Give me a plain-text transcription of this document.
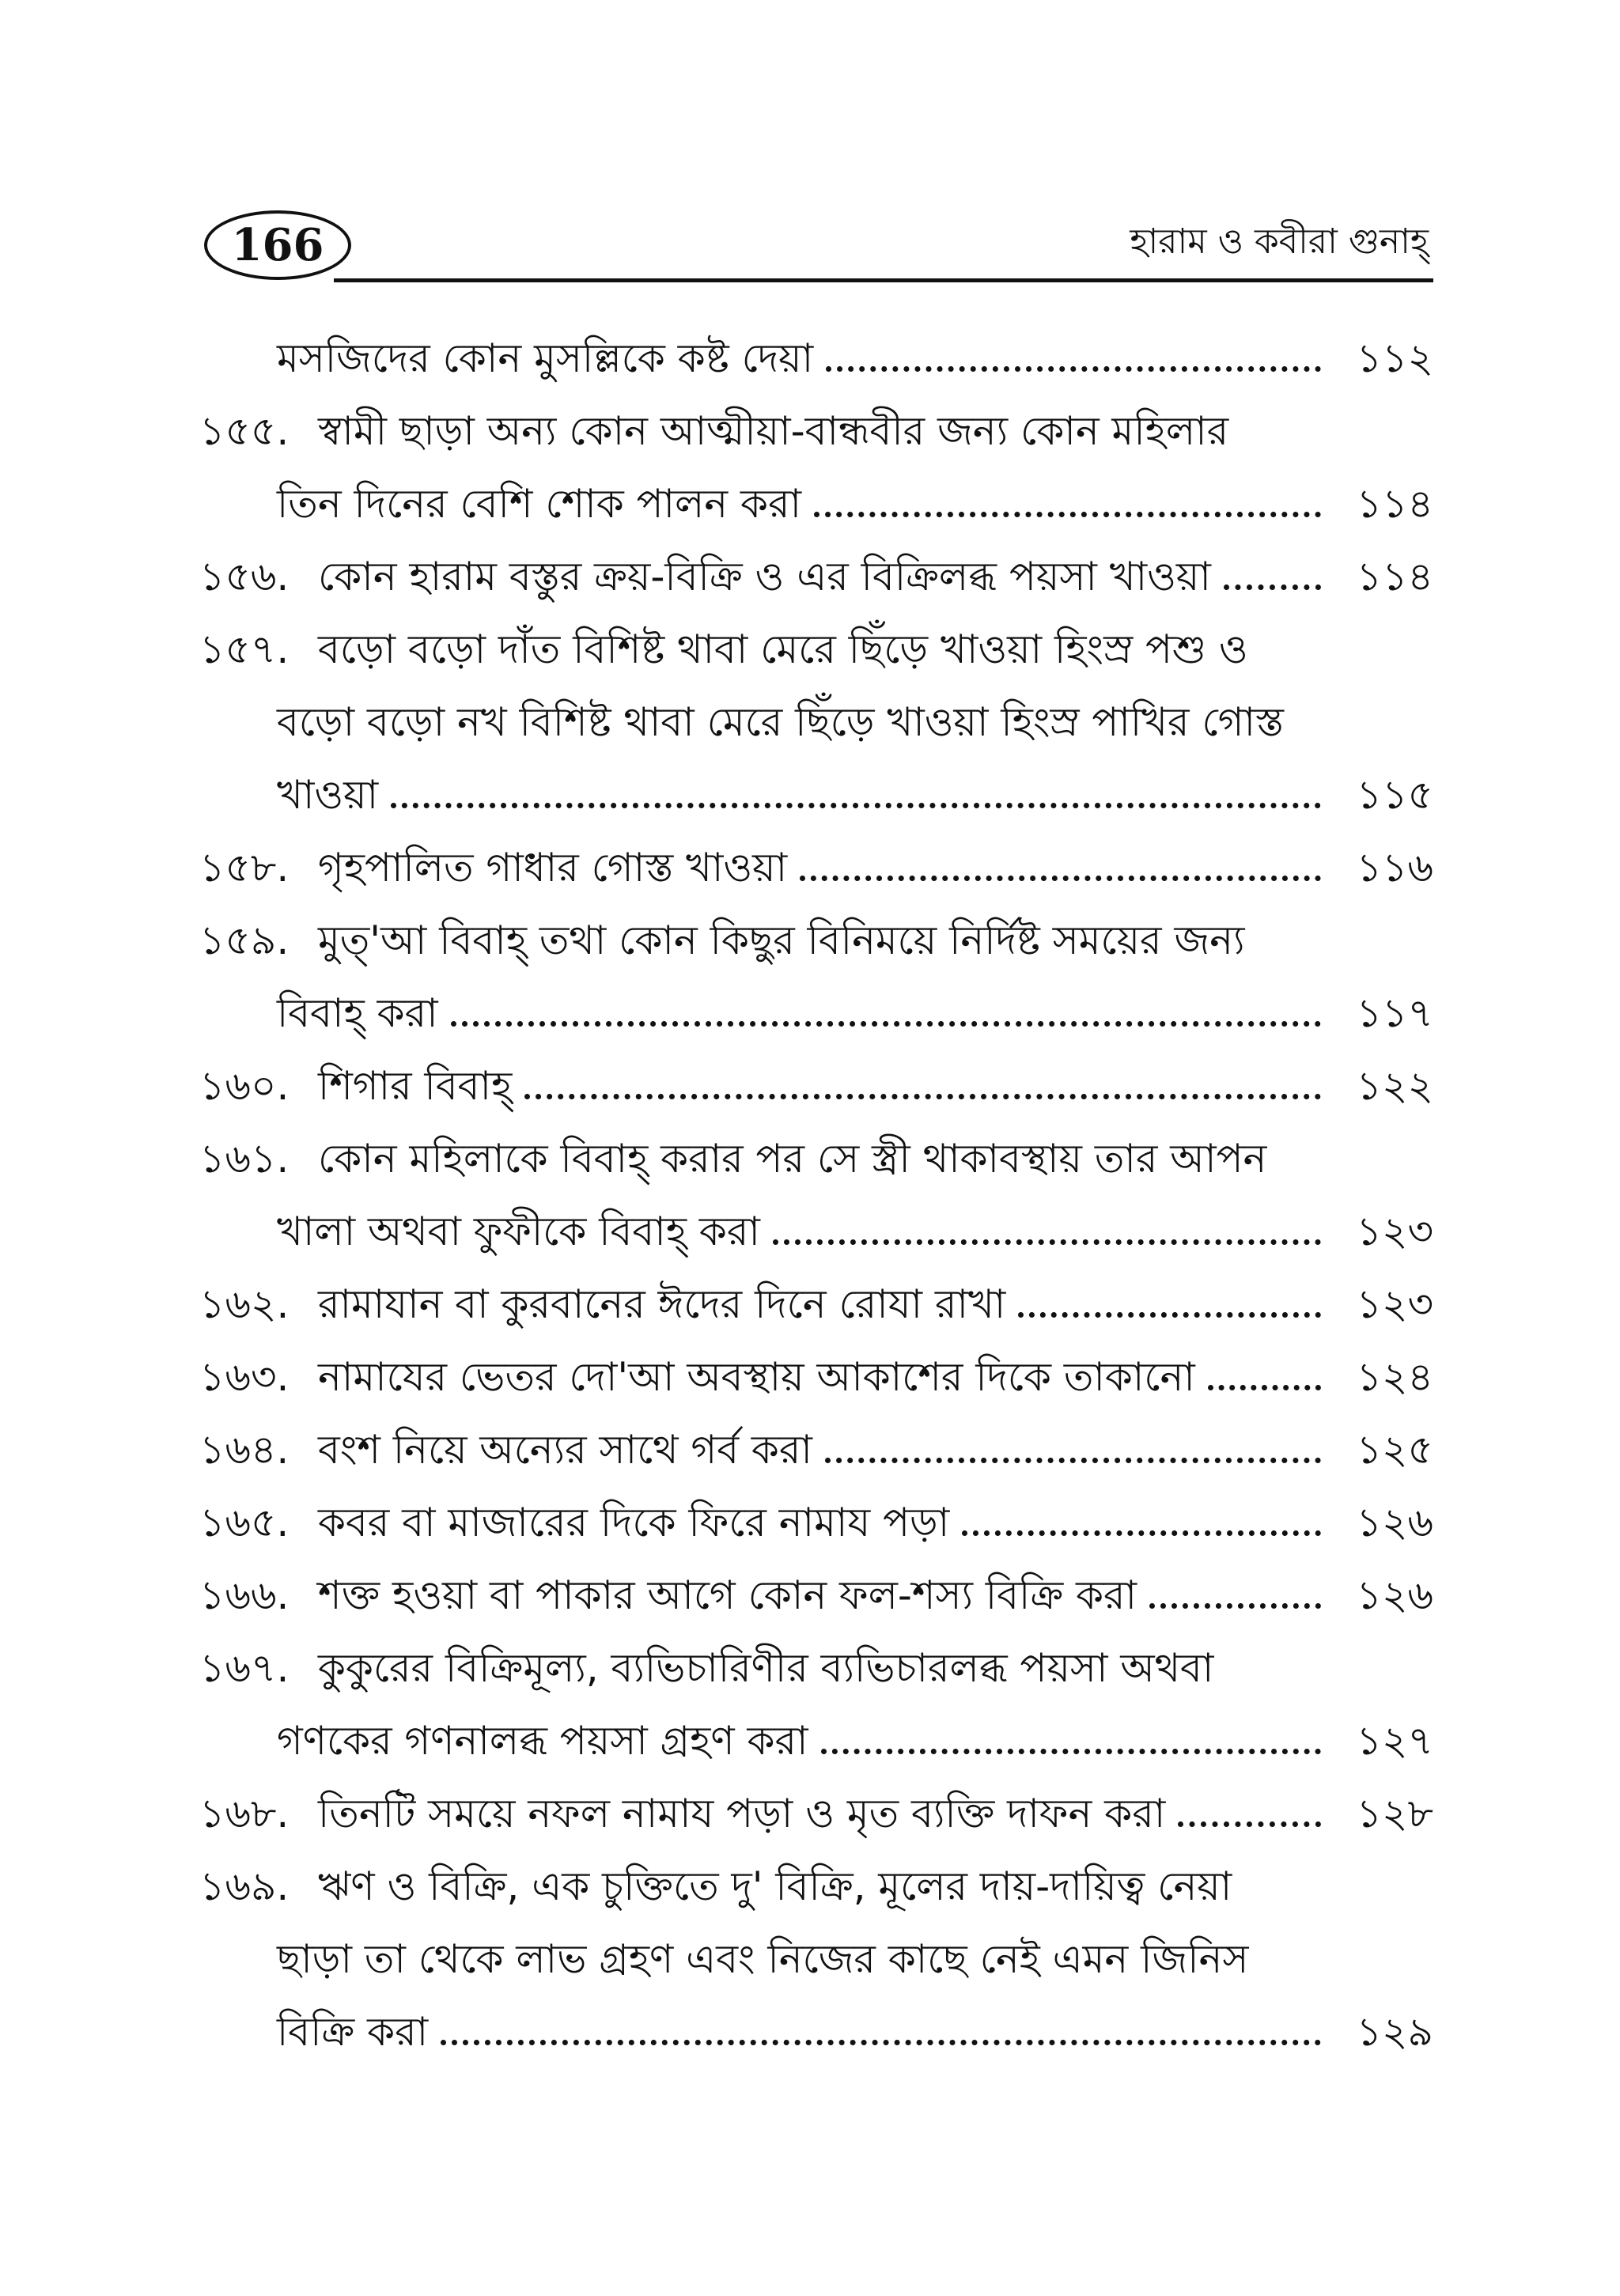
166	হারাম ও কবীরা গুনাহ্
মসজিদের কোন মুসল্লিকে কষ্ট দেয়া	১১২
১৫৫. স্বামী ছাড়া অন্য কোন আত্মীয়া-বান্ধবীর জন্য কোন মহিলার
তিন দিনের বেশি শোক পালন করা	১১৪
১৫৬. কোন হারাম বস্তুর ক্রয়-বিক্রি ও এর বিক্রিলব্ধ পয়সা খাওয়া	১১৪
১৫৭. বড়ো বড়ো দাঁত বিশিষ্ট থাবা মেরে ছিঁড়ে খাওয়া হিংস্র পশু ও
বড়ো বড়ো নখ বিশিষ্ট থাবা মেরে ছিঁড়ে খাওয়া হিংস্র পাখির গোস্ত
খাওয়া	১১৫
১৫৮. গৃহপালিত গাধার গোস্ত খাওয়া	১১৬
১৫৯. মুত্'আ বিবাহ্ তথা কোন কিছুর বিনিময়ে নির্দিষ্ট সময়ের জন্য
বিবাহ্ করা	১১৭
১৬০. শিগার বিবাহ্	১২২
১৬১. কোন মহিলাকে বিবাহ্ করার পর সে স্ত্রী থাকাবস্থায় তার আপন
খালা অথবা ফুফীকে বিবাহ্ করা	১২৩
১৬২. রামাযান বা কুরবানের ঈদের দিনে রোযা রাখা	১২৩
১৬৩. নামাযের ভেতর দো'আ অবস্থায় আকাশের দিকে তাকানো	১২৪
১৬৪. বংশ নিয়ে অন্যের সাথে গর্ব করা	১২৫
১৬৫. কবর বা মাজারের দিকে ফিরে নামায পড়া	১২৬
১৬৬. শক্ত হওয়া বা পাকার আগে কোন ফল-শস্য বিক্রি করা	১২৬
১৬৭. কুকুরের বিক্রিমূল্য, ব্যভিচারিণীর ব্যভিচারলব্ধ পয়সা অথবা
গণকের গণনালব্ধ পয়সা গ্রহণ করা	১২৭
১৬৮. তিনটি সময়ে নফল নামায পড়া ও মৃত ব্যক্তি দাফন করা	১২৮
১৬৯. ঋণ ও বিক্রি, এক চুক্তিতে দু' বিক্রি, মূলের দায়-দায়িত্ব নেয়া
ছাড়া তা থেকে লাভ গ্রহণ এবং নিজের কাছে নেই এমন জিনিস
বিক্রি করা	১২৯
